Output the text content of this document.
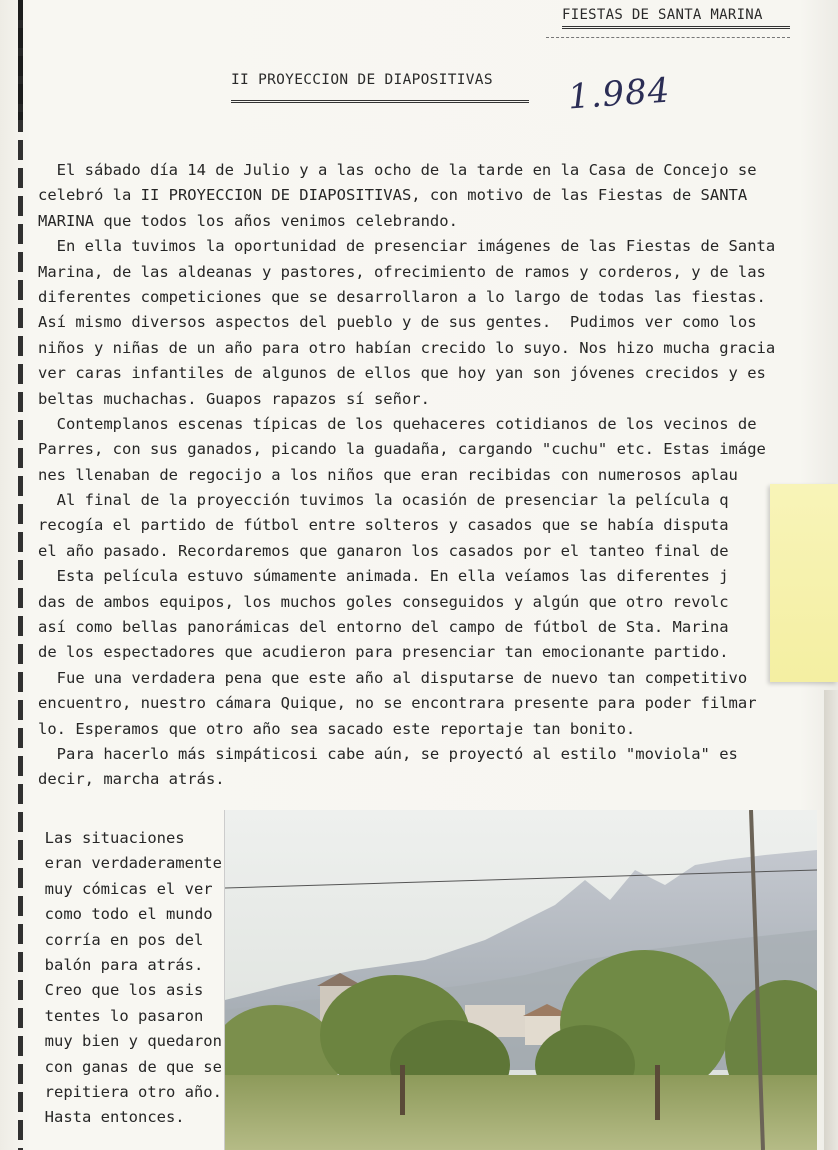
FIESTAS DE SANTA MARINA
II PROYECCION DE DIAPOSITIVAS 1.984
El sábado día 14 de Julio y a las ocho de la tarde en la Casa de Concejo se
celebró la II PROYECCION DE DIAPOSITIVAS, con motivo de las Fiestas de SANTA
MARINA que todos los años venimos celebrando.
En ella tuvimos la oportunidad de presenciar imágenes de las Fiestas de Santa
Marina, de las aldeanas y pastores, ofrecimiento de ramos y corderos, y de las
diferentes competiciones que se desarrollaron a lo largo de todas las fiestas.
Así mismo diversos aspectos del pueblo y de sus gentes.  Pudimos ver como los
niños y niñas de un año para otro habían crecido lo suyo. Nos hizo mucha gracia
ver caras infantiles de algunos de ellos que hoy yan son jóvenes crecidos y es
beltas muchachas. Guapos rapazos sí señor.
Contemplanos escenas típicas de los quehaceres cotidianos de los vecinos de
Parres, con sus ganados, picando la guadaña, cargando "cuchu" etc. Estas imáge
nes llenaban de regocijo a los niños que eran recibidas con numerosos aplau
Al final de la proyección tuvimos la ocasión de presenciar la película q
recogía el partido de fútbol entre solteros y casados que se había disputa
el año pasado. Recordaremos que ganaron los casados por el tanteo final de
Esta película estuvo súmamente animada. En ella veíamos las diferentes j
das de ambos equipos, los muchos goles conseguidos y algún que otro revolc
así como bellas panorámicas del entorno del campo de fútbol de Sta. Marina
de los espectadores que acudieron para presenciar tan emocionante partido.
Fue una verdadera pena que este año al disputarse de nuevo tan competitivo
encuentro, nuestro cámara Quique, no se encontrara presente para poder filmar
lo. Esperamos que otro año sea sacado este reportaje tan bonito.
Para hacerlo más simpáticosi cabe aún, se proyectó al estilo "moviola" es
decir, marcha atrás.
Las situaciones
eran verdaderamente
muy cómicas el ver
como todo el mundo
corría en pos del
balón para atrás.
Creo que los asis
tentes lo pasaron
muy bien y quedaron
con ganas de que se
repitiera otro año.
Hasta entonces.
